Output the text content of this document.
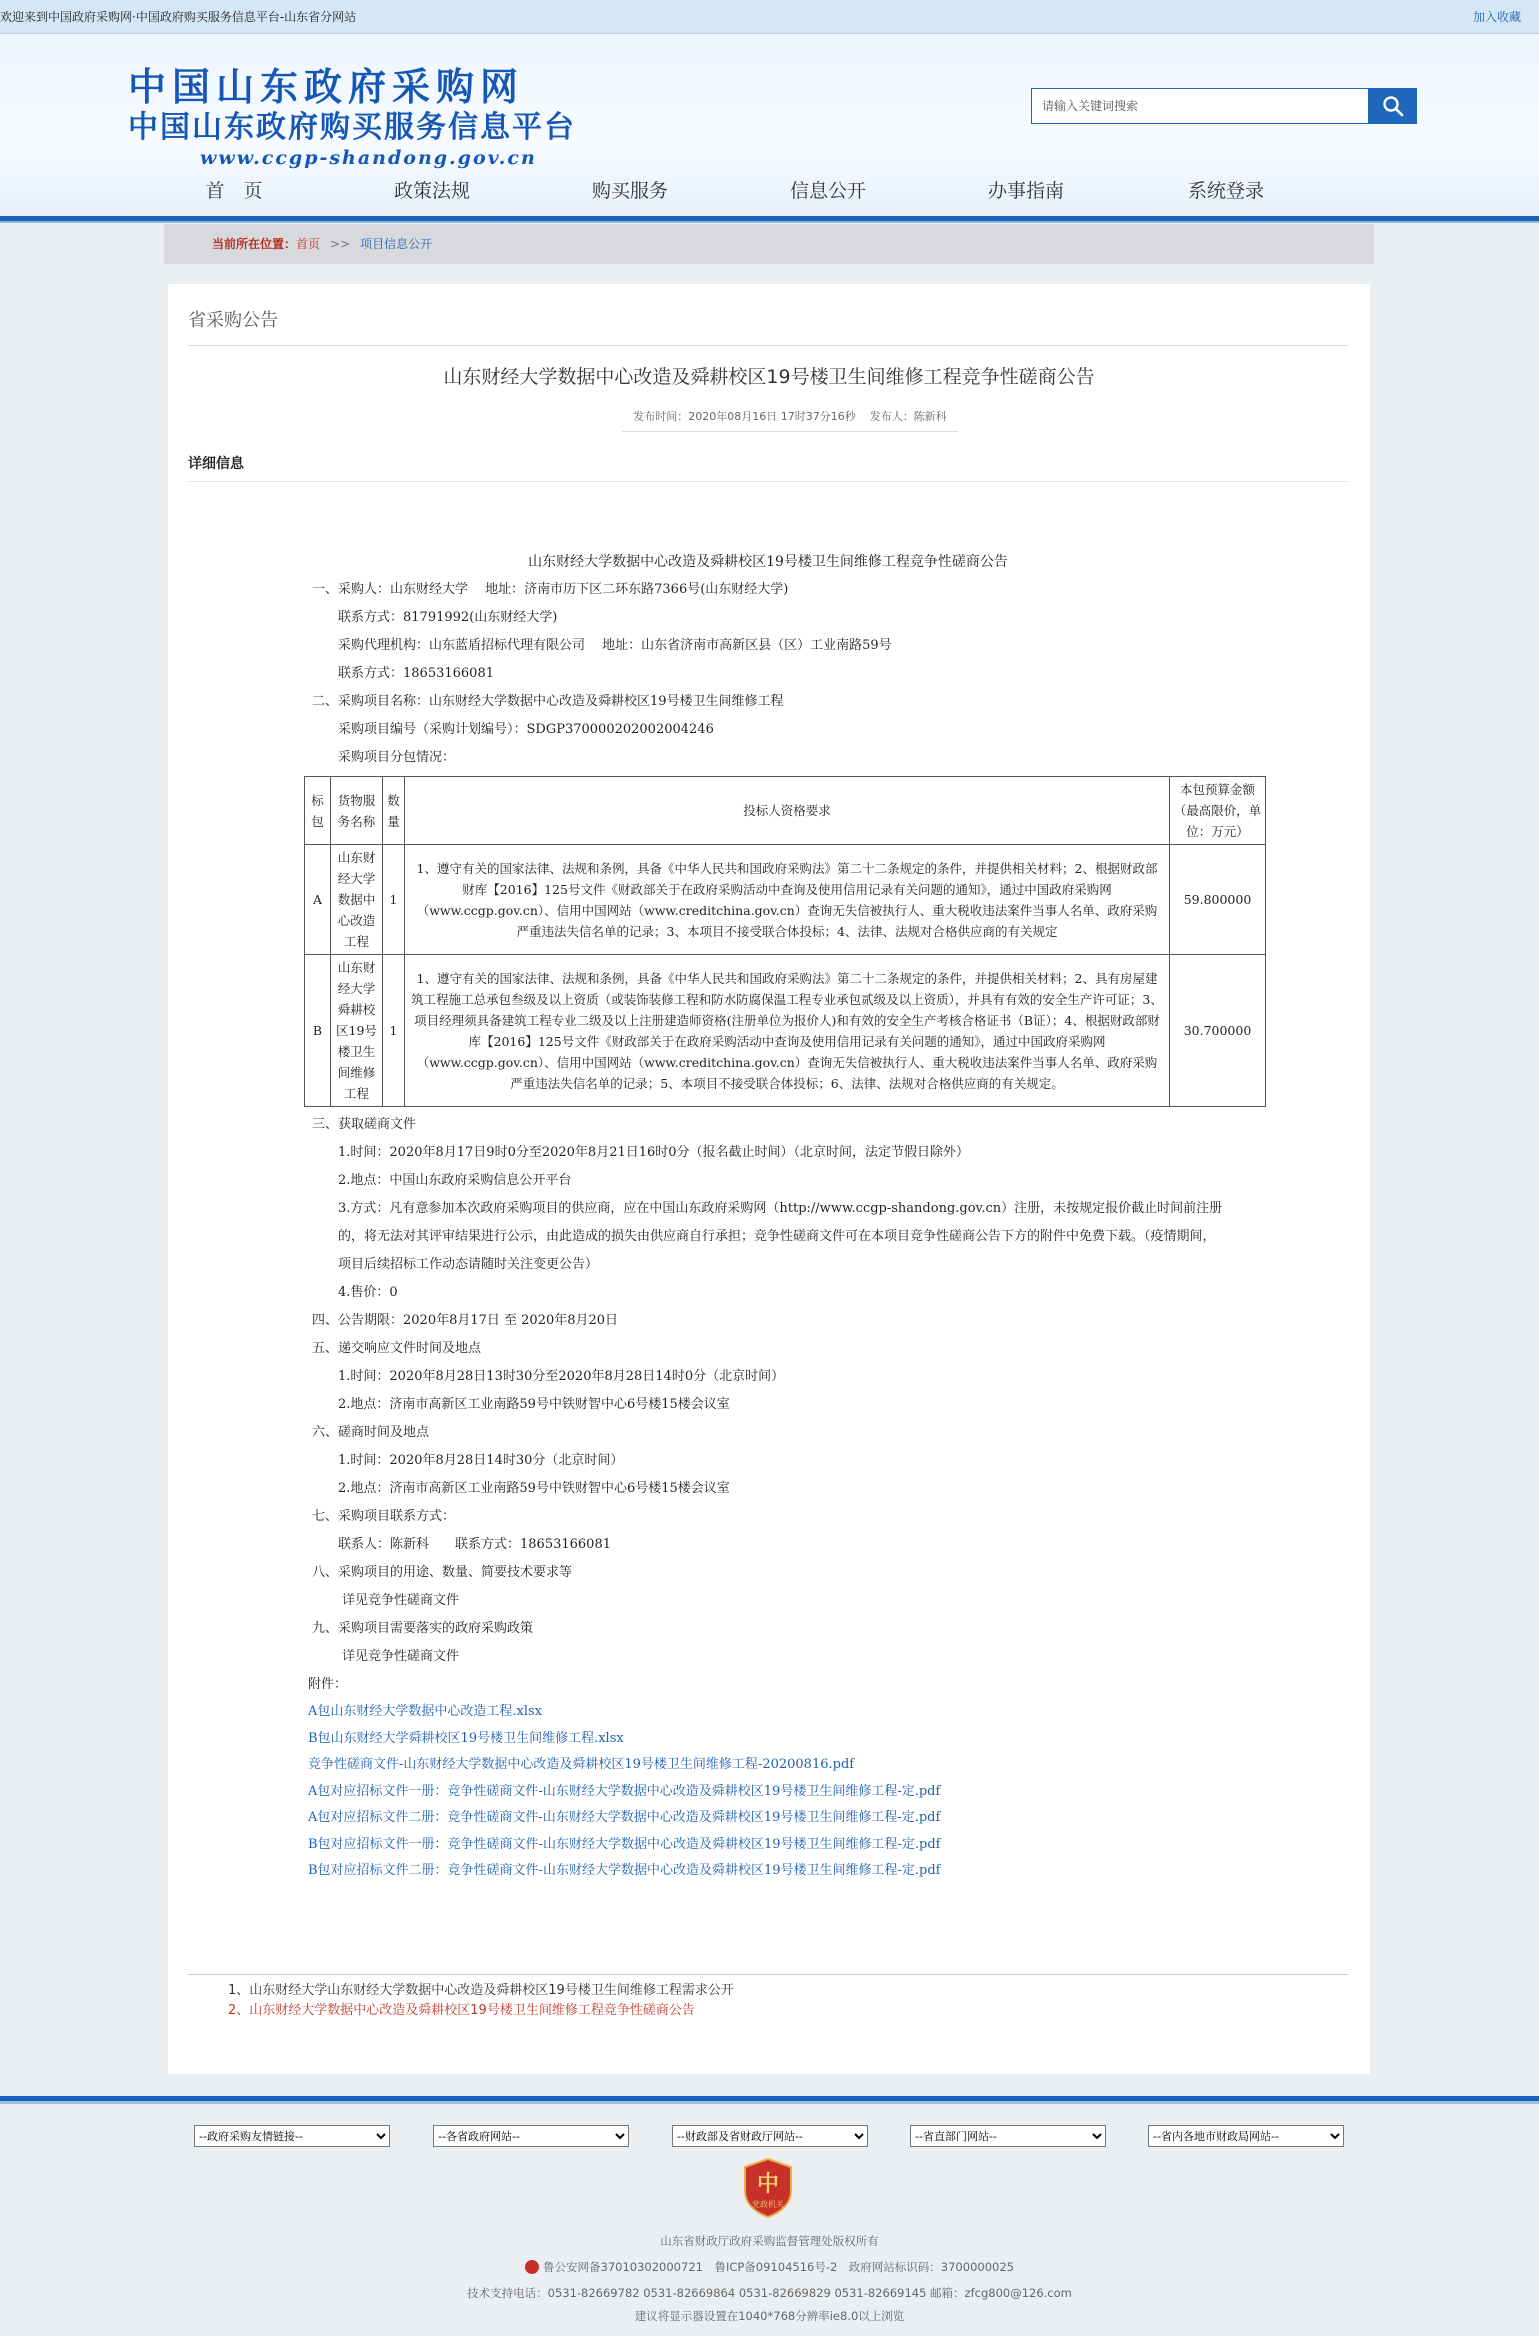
欢迎来到中国政府采购网·中国政府购买服务信息平台-山东省分网站	加入收藏
中国山东政府采购网
中国山东政府购买服务信息平台
www.ccgp-shandong.gov.cn
请输入关键词搜索
首　页	政策法规	购买服务	信息公开	办事指南	系统登录
当前所在位置：首页 >> 项目信息公开
省采购公告
山东财经大学数据中心改造及舜耕校区19号楼卫生间维修工程竞争性磋商公告
发布时间：2020年08月16日 17时37分16秒 发布人：陈新科
详细信息
山东财经大学数据中心改造及舜耕校区19号楼卫生间维修工程竞争性磋商公告
一、采购人：山东财经大学　 地址：济南市历下区二环东路7366号(山东财经大学)
联系方式：81791992(山东财经大学)
采购代理机构：山东蓝盾招标代理有限公司　 地址：山东省济南市高新区县（区）工业南路59号
联系方式：18653166081
二、采购项目名称：山东财经大学数据中心改造及舜耕校区19号楼卫生间维修工程
采购项目编号（采购计划编号）：SDGP370000202002004246
采购项目分包情况：
标包	货物服务名称	数量	投标人资格要求	本包预算金额（最高限价，单位：万元）
A	山东财经大学数据中心改造工程	1	1、遵守有关的国家法律、法规和条例，具备《中华人民共和国政府采购法》第二十二条规定的条件，并提供相关材料；2、根据财政部财库【2016】125号文件《财政部关于在政府采购活动中查询及使用信用记录有关问题的通知》，通过中国政府采购网（www.ccgp.gov.cn）、信用中国网站（www.creditchina.gov.cn）查询无失信被执行人、重大税收违法案件当事人名单、政府采购严重违法失信名单的记录；3、本项目不接受联合体投标；4、法律、法规对合格供应商的有关规定	59.800000
B	山东财经大学舜耕校区19号楼卫生间维修工程	1	1、遵守有关的国家法律、法规和条例，具备《中华人民共和国政府采购法》第二十二条规定的条件，并提供相关材料；2、具有房屋建筑工程施工总承包叁级及以上资质（或装饰装修工程和防水防腐保温工程专业承包贰级及以上资质），并具有有效的安全生产许可证；3、项目经理须具备建筑工程专业二级及以上注册建造师资格(注册单位为报价人)和有效的安全生产考核合格证书（B证）；4、根据财政部财库【2016】125号文件《财政部关于在政府采购活动中查询及使用信用记录有关问题的通知》，通过中国政府采购网（www.ccgp.gov.cn）、信用中国网站（www.creditchina.gov.cn）查询无失信被执行人、重大税收违法案件当事人名单、政府采购严重违法失信名单的记录；5、本项目不接受联合体投标；6、法律、法规对合格供应商的有关规定。	30.700000
三、获取磋商文件
1.时间：2020年8月17日9时0分至2020年8月21日16时0分（报名截止时间）（北京时间，法定节假日除外）
2.地点：中国山东政府采购信息公开平台
3.方式：凡有意参加本次政府采购项目的供应商，应在中国山东政府采购网（http://www.ccgp-shandong.gov.cn）注册，未按规定报价截止时间前注册的，将无法对其评审结果进行公示，由此造成的损失由供应商自行承担；竞争性磋商文件可在本项目竞争性磋商公告下方的附件中免费下载。（疫情期间，项目后续招标工作动态请随时关注变更公告）
4.售价：0
四、公告期限：2020年8月17日 至 2020年8月20日
五、递交响应文件时间及地点
1.时间：2020年8月28日13时30分至2020年8月28日14时0分（北京时间）
2.地点：济南市高新区工业南路59号中铁财智中心6号楼15楼会议室
六、磋商时间及地点
1.时间：2020年8月28日14时30分（北京时间）
2.地点：济南市高新区工业南路59号中铁财智中心6号楼15楼会议室
七、采购项目联系方式：
联系人：陈新科　　联系方式：18653166081
八、采购项目的用途、数量、简要技术要求等
详见竞争性磋商文件
九、采购项目需要落实的政府采购政策
详见竞争性磋商文件
附件：
A包山东财经大学数据中心改造工程.xlsx
B包山东财经大学舜耕校区19号楼卫生间维修工程.xlsx
竞争性磋商文件-山东财经大学数据中心改造及舜耕校区19号楼卫生间维修工程-20200816.pdf
A包对应招标文件一册：竞争性磋商文件-山东财经大学数据中心改造及舜耕校区19号楼卫生间维修工程-定.pdf
A包对应招标文件二册：竞争性磋商文件-山东财经大学数据中心改造及舜耕校区19号楼卫生间维修工程-定.pdf
B包对应招标文件一册：竞争性磋商文件-山东财经大学数据中心改造及舜耕校区19号楼卫生间维修工程-定.pdf
B包对应招标文件二册：竞争性磋商文件-山东财经大学数据中心改造及舜耕校区19号楼卫生间维修工程-定.pdf
1、山东财经大学山东财经大学数据中心改造及舜耕校区19号楼卫生间维修工程需求公开
2、山东财经大学数据中心改造及舜耕校区19号楼卫生间维修工程竞争性磋商公告
--政府采购友情链接--
--各省政府网站--
--财政部及省财政厅网站--
--省直部门网站--
--省内各地市财政局网站--
中
党政机关
山东省财政厅政府采购监督管理处版权所有
鲁公安网备37010302000721　鲁ICP备09104516号-2　政府网站标识码：3700000025
技术支持电话：0531-82669782 0531-82669864 0531-82669829 0531-82669145 邮箱：zfcg800@126.com
建议将显示器设置在1040*768分辨率ie8.0以上浏览
